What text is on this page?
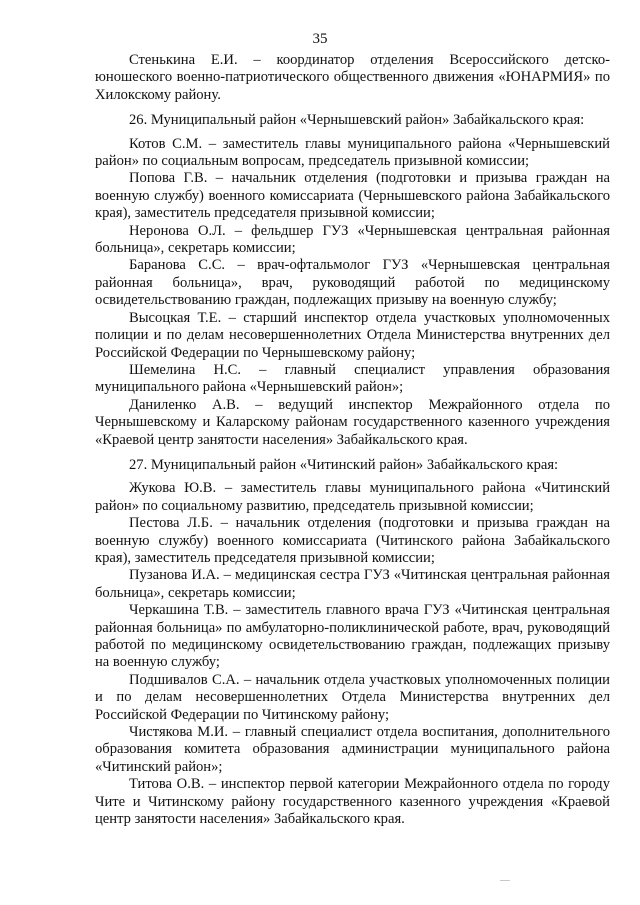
35

Стенькина Е.И. – координатор отделения Всероссийского детско-юношеского военно-патриотического общественного движения «ЮНАРМИЯ» по Хилокскому району.

26. Муниципальный район «Чернышевский район» Забайкальского края:

Котов С.М. – заместитель главы муниципального района «Чернышевский район» по социальным вопросам, председатель призывной комиссии;

Попова Г.В. – начальник отделения (подготовки и призыва граждан на военную службу) военного комиссариата (Чернышевского района Забайкальского края), заместитель председателя призывной комиссии;

Неронова О.Л. – фельдшер ГУЗ «Чернышевская центральная районная больница», секретарь комиссии;

Баранова С.С. – врач-офтальмолог ГУЗ «Чернышевская центральная районная больница», врач, руководящий работой по медицинскому освидетельствованию граждан, подлежащих призыву на военную службу;

Высоцкая Т.Е. – старший инспектор отдела участковых уполномоченных полиции и по делам несовершеннолетних Отдела Министерства внутренних дел Российской Федерации по Чернышевскому району;

Шемелина Н.С. – главный специалист управления образования муниципального района «Чернышевский район»;

Даниленко А.В. – ведущий инспектор Межрайонного отдела по Чернышевскому и Каларскому районам государственного казенного учреждения «Краевой центр занятости населения» Забайкальского края.

27. Муниципальный район «Читинский район» Забайкальского края:

Жукова Ю.В. – заместитель главы муниципального района «Читинский район» по социальному развитию, председатель призывной комиссии;

Пестова Л.Б. – начальник отделения (подготовки и призыва граждан на военную службу) военного комиссариата (Читинского района Забайкальского края), заместитель председателя призывной комиссии;

Пузанова И.А. – медицинская сестра ГУЗ «Читинская центральная районная больница», секретарь комиссии;

Черкашина Т.В. – заместитель главного врача ГУЗ «Читинская центральная районная больница» по амбулаторно-поликлинической работе, врач, руководящий работой по медицинскому освидетельствованию граждан, подлежащих призыву на военную службу;

Подшивалов С.А. – начальник отдела участковых уполномоченных полиции и по делам несовершеннолетних Отдела Министерства внутренних дел Российской Федерации по Читинскому району;

Чистякова М.И. – главный специалист отдела воспитания, дополнительного образования комитета образования администрации муниципального района «Читинский район»;

Титова О.В. – инспектор первой категории Межрайонного отдела по городу Чите и Читинскому району государственного казенного учреждения «Краевой центр занятости населения» Забайкальского края.
